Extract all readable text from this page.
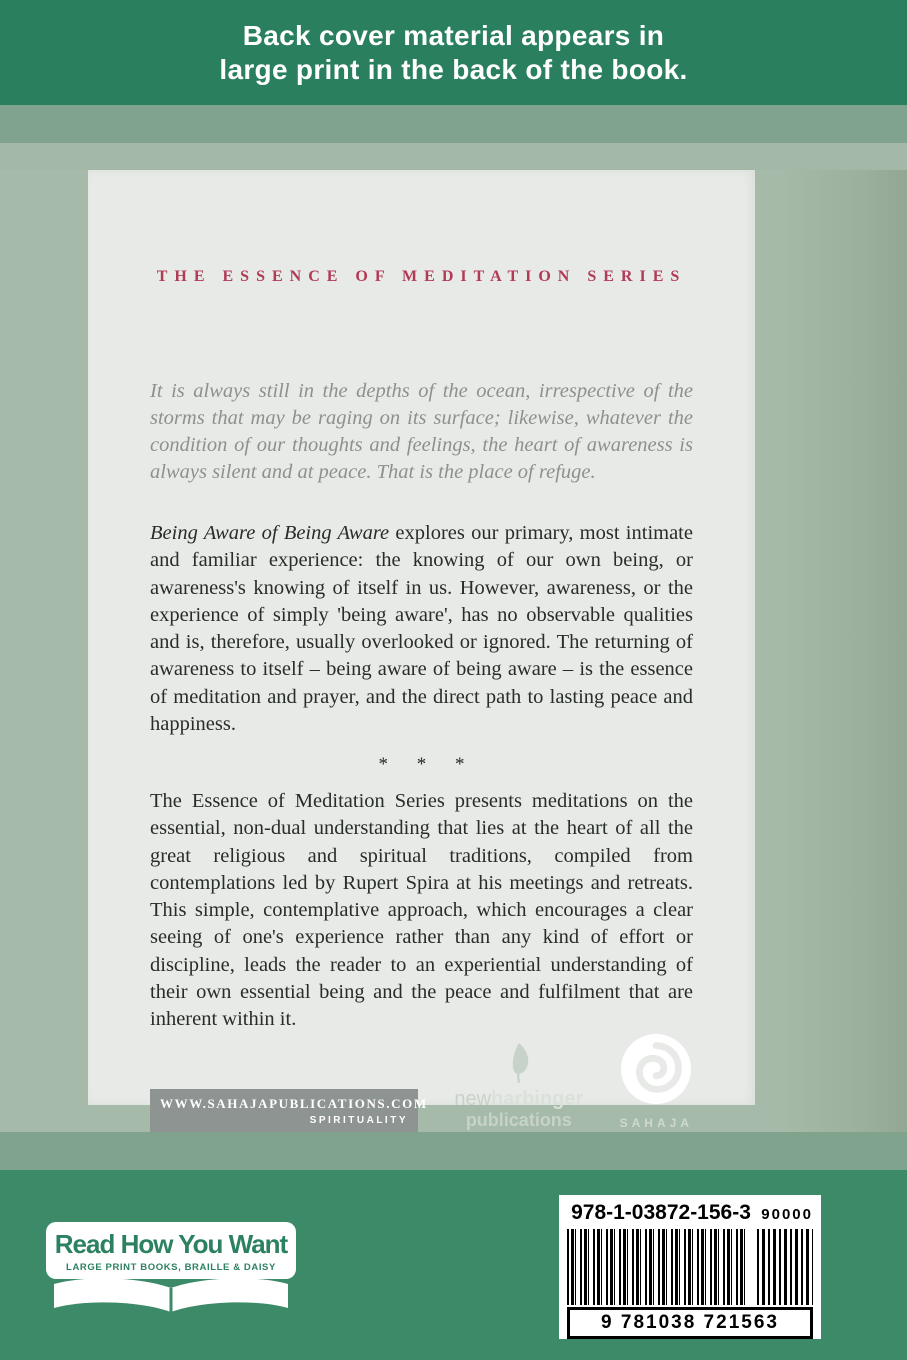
Back cover material appears in
large print in the back of the book.
THE ESSENCE OF MEDITATION SERIES
It is always still in the depths of the ocean, irrespective of the storms that may be raging on its surface; likewise, whatever the condition of our thoughts and feelings, the heart of awareness is always silent and at peace. That is the place of refuge.
Being Aware of Being Aware explores our primary, most intimate and familiar experience: the knowing of our own being, or awareness's knowing of itself in us. However, awareness, or the experience of simply 'being aware', has no observable qualities and is, therefore, usually overlooked or ignored. The returning of awareness to itself – being aware of being aware – is the essence of meditation and prayer, and the direct path to lasting peace and happiness.
* * *
The Essence of Meditation Series presents meditations on the essential, non-dual understanding that lies at the heart of all the great religious and spiritual traditions, compiled from contemplations led by Rupert Spira at his meetings and retreats. This simple, contemplative approach, which encourages a clear seeing of one's experience rather than any kind of effort or discipline, leads the reader to an experiential understanding of their own essential being and the peace and fulfilment that are inherent within it.
WWW.SAHAJAPUBLICATIONS.COM
SPIRITUALITY
newharbinger
publications	SAHAJA
Read How You Want
LARGE PRINT BOOKS, BRAILLE & DAISY
978-1-03872-156-3 90000
9 781038 721563
